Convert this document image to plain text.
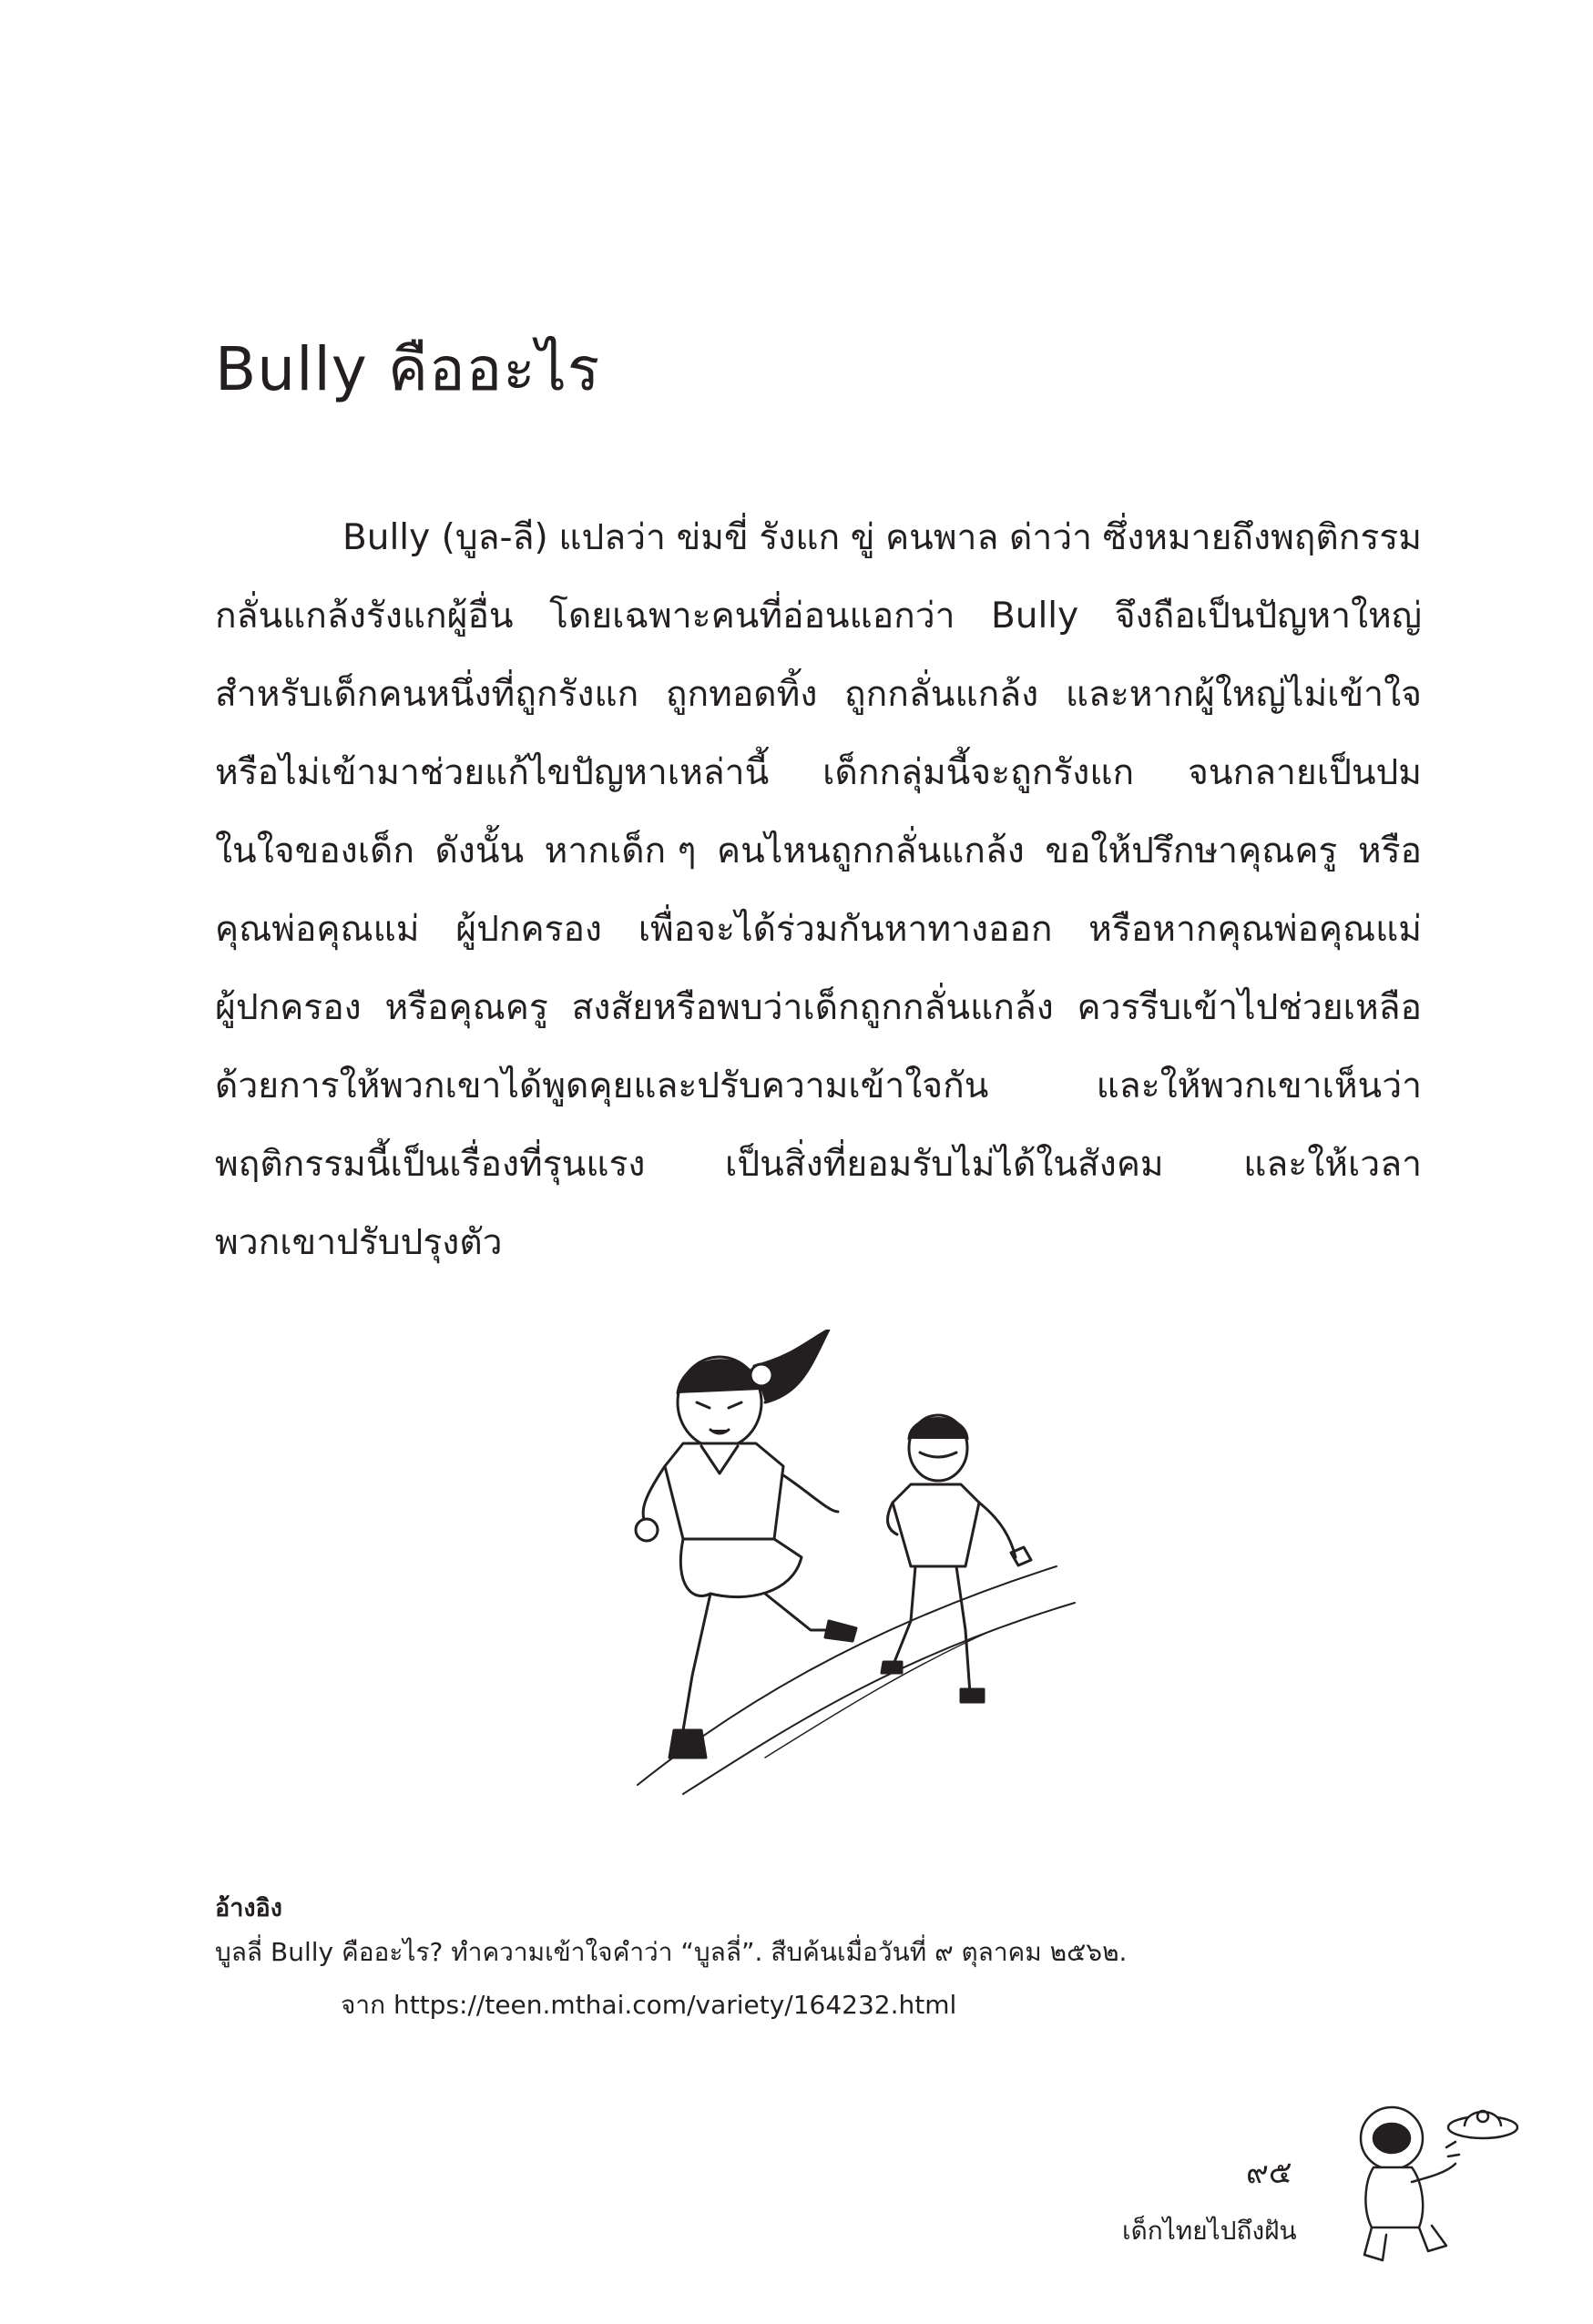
Bully คืออะไร
Bully (บูล-ลี) แปลว่า ข่มขี่ รังแก ขู่ คนพาล ด่าว่า ซึ่งหมายถึงพฤติกรรม
กลั่นแกล้งรังแกผู้อื่น โดยเฉพาะคนที่อ่อนแอกว่า Bully จึงถือเป็นปัญหาใหญ่
สำหรับเด็กคนหนึ่งที่ถูกรังแก ถูกทอดทิ้ง ถูกกลั่นแกล้ง และหากผู้ใหญ่ไม่เข้าใจ
หรือไม่เข้ามาช่วยแก้ไขปัญหาเหล่านี้ เด็กกลุ่มนี้จะถูกรังแก จนกลายเป็นปม
ในใจของเด็ก ดังนั้น หากเด็ก ๆ คนไหนถูกกลั่นแกล้ง ขอให้ปรึกษาคุณครู หรือ
คุณพ่อคุณแม่ ผู้ปกครอง เพื่อจะได้ร่วมกันหาทางออก หรือหากคุณพ่อคุณแม่
ผู้ปกครอง หรือคุณครู สงสัยหรือพบว่าเด็กถูกกลั่นแกล้ง ควรรีบเข้าไปช่วยเหลือ
ด้วยการให้พวกเขาได้พูดคุยและปรับความเข้าใจกัน	และให้พวกเขาเห็นว่า
พฤติกรรมนี้เป็นเรื่องที่รุนแรง เป็นสิ่งที่ยอมรับไม่ได้ในสังคม และให้เวลา
พวกเขาปรับปรุงตัว
อ้างอิง
บูลลี่ Bully คืออะไร? ทำความเข้าใจคำว่า “บูลลี่”. สืบค้นเมื่อวันที่ ๙ ตุลาคม ๒๕๖๒.
จาก https://teen.mthai.com/variety/164232.html
๙๕
เด็กไทยไปถึงฝัน
